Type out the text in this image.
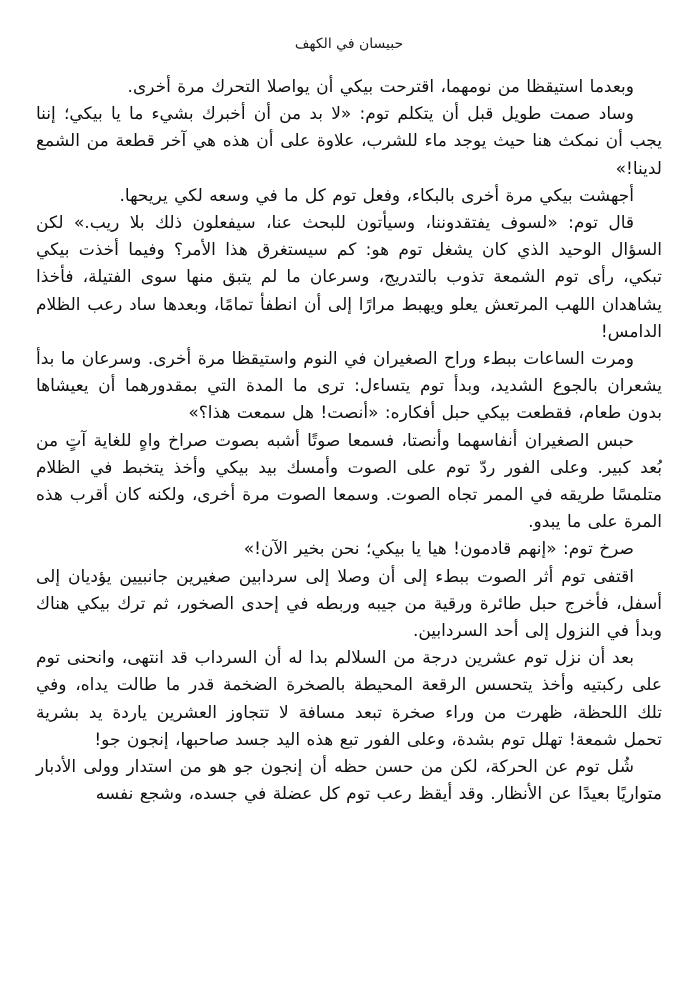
حبيسان في الكهف

وبعدما استيقظا من نومهما، اقترحت بيكي أن يواصلا التحرك مرة أخرى.

وساد صمت طويل قبل أن يتكلم توم: «لا بد من أن أخبرك بشيء ما يا بيكي؛ إننا يجب أن نمكث هنا حيث يوجد ماء للشرب، علاوة على أن هذه هي آخر قطعة من الشمع لدينا!»

أجهشت بيكي مرة أخرى بالبكاء، وفعل توم كل ما في وسعه لكي يريحها.

قال توم: «لسوف يفتقدوننا، وسيأتون للبحث عنا، سيفعلون ذلك بلا ريب.» لكن السؤال الوحيد الذي كان يشغل توم هو: كم سيستغرق هذا الأمر؟ وفيما أخذت بيكي تبكي، رأى توم الشمعة تذوب بالتدريج، وسرعان ما لم يتبق منها سوى الفتيلة، فأخذا يشاهدان اللهب المرتعش يعلو ويهبط مرارًا إلى أن انطفأ تمامًا، وبعدها ساد رعب الظلام الدامس!

ومرت الساعات ببطء وراح الصغيران في النوم واستيقظا مرة أخرى. وسرعان ما بدأ يشعران بالجوع الشديد، وبدأ توم يتساءل: ترى ما المدة التي بمقدورهما أن يعيشاها بدون طعام، فقطعت بيكي حبل أفكاره: «أنصت! هل سمعت هذا؟»

حبس الصغيران أنفاسهما وأنصتا، فسمعا صوتًا أشبه بصوت صراخ واهٍ للغاية آتٍ من بُعد كبير. وعلى الفور ردّ توم على الصوت وأمسك بيد بيكي وأخذ يتخبط في الظلام متلمسًا طريقه في الممر تجاه الصوت. وسمعا الصوت مرة أخرى، ولكنه كان أقرب هذه المرة على ما يبدو.

صرخ توم: «إنهم قادمون! هيا يا بيكي؛ نحن بخير الآن!»

اقتفى توم أثر الصوت ببطء إلى أن وصلا إلى سردابين صغيرين جانبيين يؤديان إلى أسفل، فأخرج حبل طائرة ورقية من جيبه وربطه في إحدى الصخور، ثم ترك بيكي هناك وبدأ في النزول إلى أحد السردابين.

بعد أن نزل توم عشرين درجة من السلالم بدا له أن السرداب قد انتهى، وانحنى توم على ركبتيه وأخذ يتحسس الرقعة المحيطة بالصخرة الضخمة قدر ما طالت يداه، وفي تلك اللحظة، ظهرت من وراء صخرة تبعد مسافة لا تتجاوز العشرين ياردة يد بشرية تحمل شمعة! تهلل توم بشدة، وعلى الفور تبع هذه اليد جسد صاحبها، إنجون جو!

شُل توم عن الحركة، لكن من حسن حظه أن إنجون جو هو من استدار وولى الأدبار متواريًا بعيدًا عن الأنظار. وقد أيقظ رعب توم كل عضلة في جسده، وشجع نفسه
